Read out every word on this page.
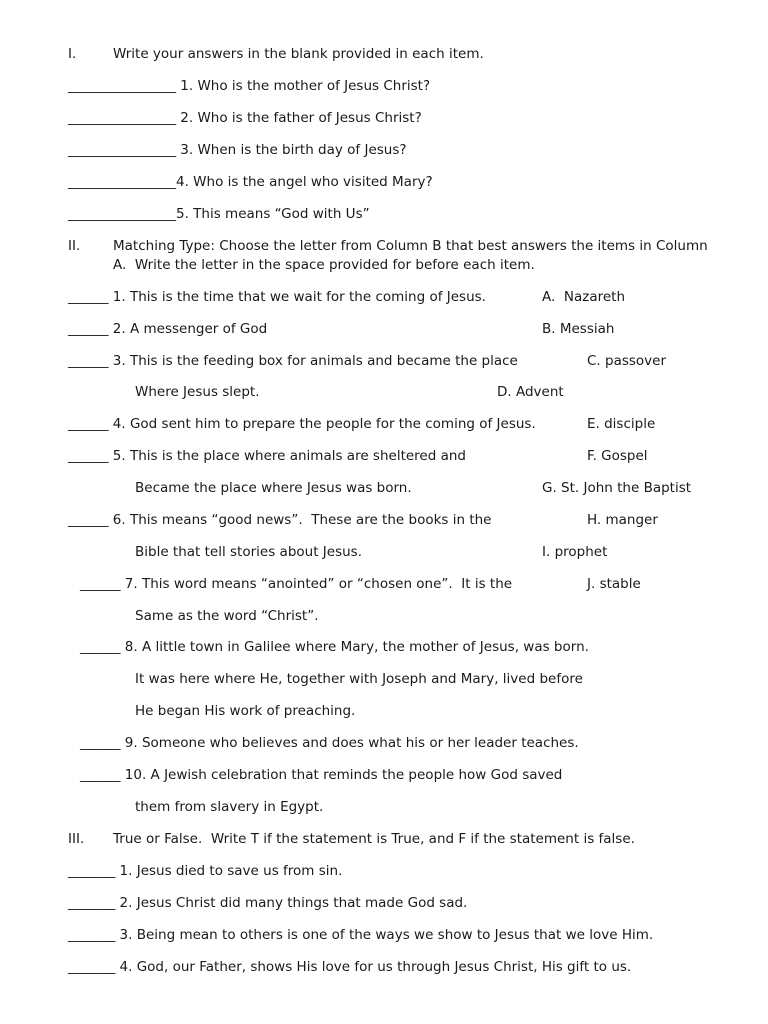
I.	Write your answers in the blank provided in each item.
________________ 1. Who is the mother of Jesus Christ?
________________ 2. Who is the father of Jesus Christ?
________________ 3. When is the birth day of Jesus?
________________4. Who is the angel who visited Mary?
________________5. This means “God with Us”
II. Matching Type: Choose the letter from Column B that best answers the items in Column
A.  Write the letter in the space provided for before each item.
______ 1. This is the time that we wait for the coming of Jesus.
______ 2. A messenger of God
______ 3. This is the feeding box for animals and became the place
Where Jesus slept.
______ 4. God sent him to prepare the people for the coming of Jesus.
______ 5. This is the place where animals are sheltered and
Became the place where Jesus was born.
______ 6. This means “good news”.  These are the books in the
Bible that tell stories about Jesus.
______ 7. This word means “anointed” or “chosen one”.  It is the
Same as the word “Christ”.
______ 8. A little town in Galilee where Mary, the mother of Jesus, was born.
It was here where He, together with Joseph and Mary, lived before
He began His work of preaching.
______ 9. Someone who believes and does what his or her leader teaches.
______ 10. A Jewish celebration that reminds the people how God saved
them from slavery in Egypt.
A.  Nazareth
B. Messiah
C. passover
D. Advent
E. disciple
F. Gospel
G. St. John the Baptist
H. manger
I. prophet
J. stable
III. True or False.  Write T if the statement is True, and F if the statement is false.
_______ 1. Jesus died to save us from sin.
_______ 2. Jesus Christ did many things that made God sad.
_______ 3. Being mean to others is one of the ways we show to Jesus that we love Him.
_______ 4. God, our Father, shows His love for us through Jesus Christ, His gift to us.
